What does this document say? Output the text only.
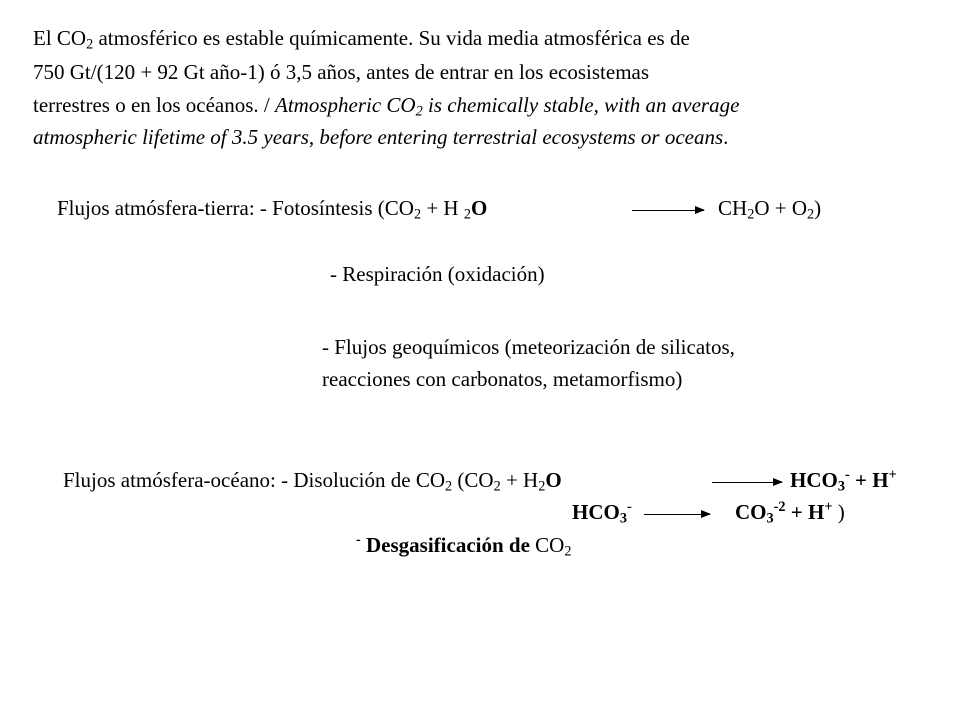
El $CO_2$ atmosférico es estable químicamente. Su vida media atmosférica es de
750 Gt/(120 + 92 Gt año-1) ó 3,5 años, antes de entrar en los ecosistemas
terrestres o en los océanos. / Atmospheric $CO_2$ is chemically stable, with an average
atmospheric lifetime of 3.5 years, before entering terrestrial ecosystems or oceans.
Flujos atmósfera-tierra: - Fotosíntesis ($CO_2 + H$ $_2$O	$CH_2O + O_2$)
- Respiración (oxidación)
- Flujos geoquímicos (meteorización de silicatos,
reacciones con carbonatos, metamorfismo)
Flujos atmósfera-océano: - Disolución de $CO_2$ ($CO_2 + H_2O$	$HCO_3^- + H^+$
$HCO_3^-$	$CO_3^{-2} + H^+$ )
- Desgasificación de $CO_2$
